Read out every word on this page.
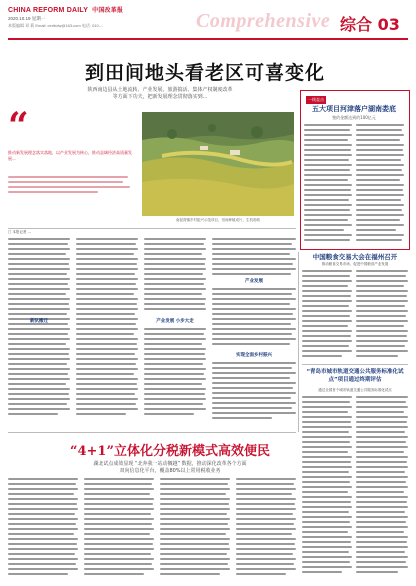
CHINA REFORM DAILY 中国改革报
2020.10.19 星期一
本版编辑 邓 莉 Email: ceribdw@163.com 电话: 010-...	Comprehensive 综合 03
到田间地头看老区可喜变化
陕西南边县从土地流转、产业发展、旅游搞活、集体产权制度改革
等方面下功夫，把新发展理念贯彻落实到...
“
推动新发展理念落实落地，以产业发展为核心，推动县域经济高质量发展...
南泥湾镇乡村振兴示范项目，田间种植成片，生机勃勃
一线直击
五大项目河津落户湖南娄底
签约金额达到约100亿元
□ 本报记者 ...
新队搬迁	产业发展 小步大走
产业发展
实现全面乡村振兴
中国粮食交易大会在福州召开
推动粮食交易市场，促进中国粮食产业发展
“青岛市城市轨道交通公共服务标准化试点”项目通过终期评估
通过全国首个城市轨道交通公共服务标准化试点
“4+1”立体化分税新模式高效便民
湖北试点成效显现 “北奔我一站动搁越” 数据，推动深化改革各个方面
双向信息化平台，覆盖80%以上常用税收业务
